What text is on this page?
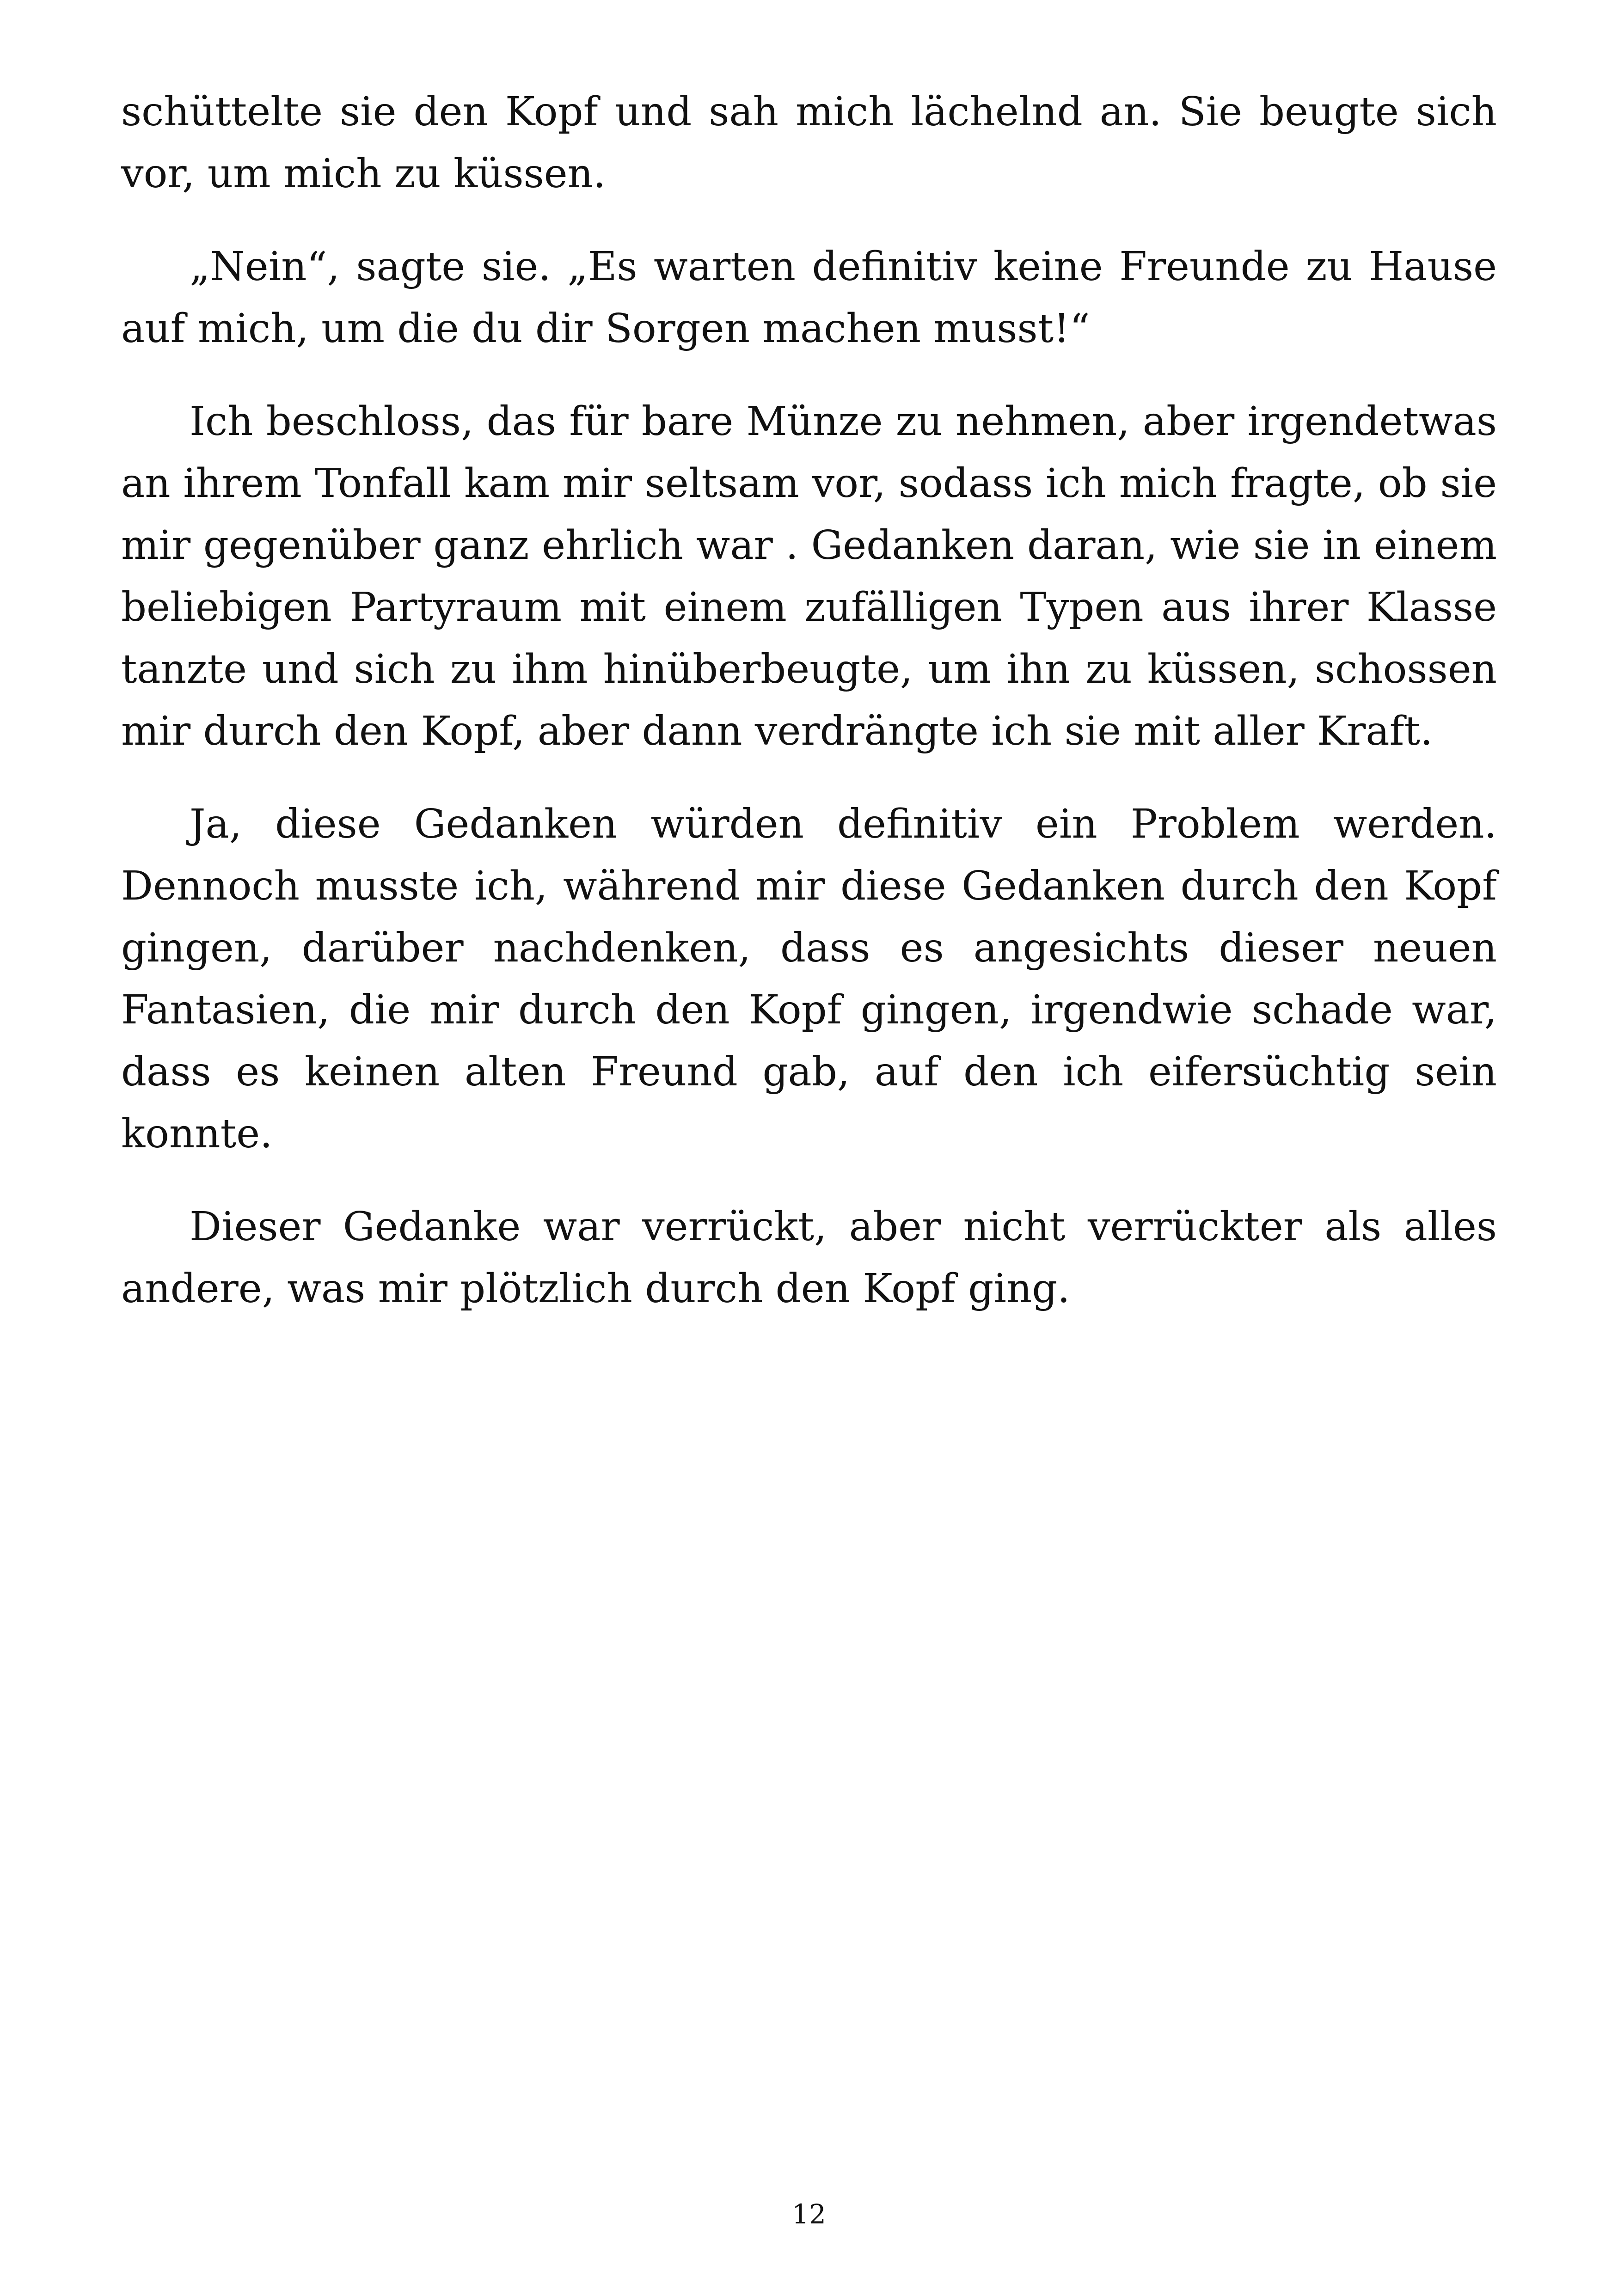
schüttelte sie den Kopf und sah mich lächelnd an. Sie beugte sich vor, um mich zu küssen.

„Nein“, sagte sie. „Es warten definitiv keine Freunde zu Hause auf mich, um die du dir Sorgen machen musst!“

Ich beschloss, das für bare Münze zu nehmen, aber irgendetwas an ihrem Tonfall kam mir seltsam vor, sodass ich mich fragte, ob sie mir gegenüber ganz ehrlich war . Gedanken daran, wie sie in einem beliebigen Partyraum mit einem zufälligen Typen aus ihrer Klasse tanzte und sich zu ihm hinüberbeugte, um ihn zu küssen, schossen mir durch den Kopf, aber dann verdrängte ich sie mit aller Kraft.

Ja, diese Gedanken würden definitiv ein Problem werden. Dennoch musste ich, während mir diese Gedanken durch den Kopf gingen, darüber nachdenken, dass es angesichts dieser neuen Fantasien, die mir durch den Kopf gingen, irgendwie schade war, dass es keinen alten Freund gab, auf den ich eifersüchtig sein konnte.

Dieser Gedanke war verrückt, aber nicht verrückter als alles andere, was mir plötzlich durch den Kopf ging.

12
